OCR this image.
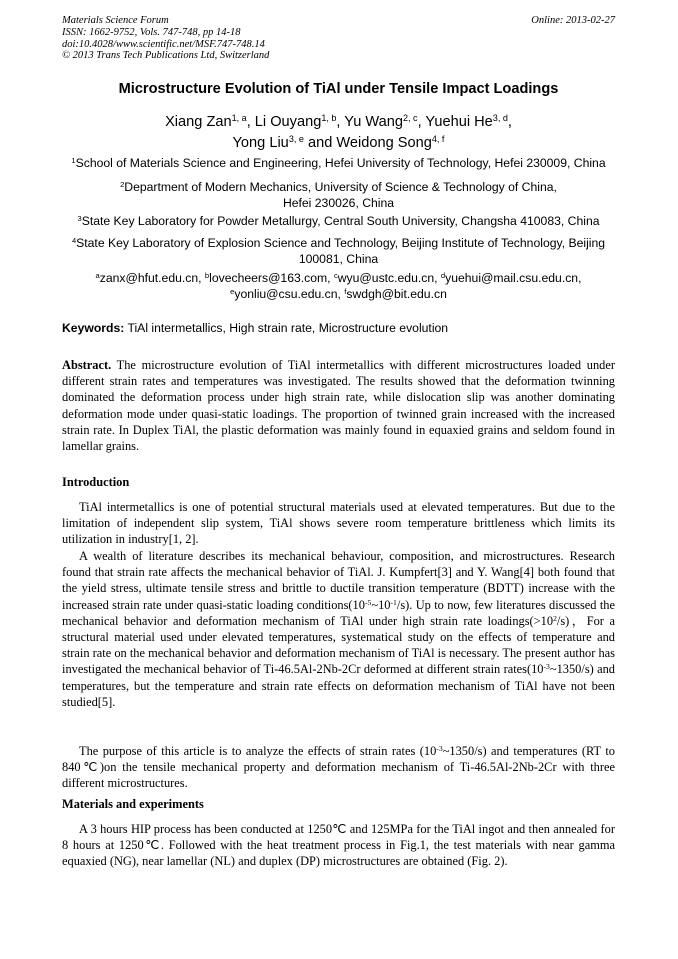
Materials Science Forum
ISSN: 1662-9752, Vols. 747-748, pp 14-18
doi:10.4028/www.scientific.net/MSF.747-748.14
© 2013 Trans Tech Publications Ltd, Switzerland
Online: 2013-02-27
Microstructure Evolution of TiAl under Tensile Impact Loadings
Xiang Zan$^{1, a}$, Li Ouyang$^{1, b}$, Yu Wang$^{2, c}$, Yuehui He$^{3, d}$,
Yong Liu$^{3, e}$ and Weidong Song$^{4, f}$
$^1$School of Materials Science and Engineering, Hefei University of Technology, Hefei 230009, China
$^2$Department of Modern Mechanics, University of Science & Technology of China,
Hefei 230026, China
$^3$State Key Laboratory for Powder Metallurgy, Central South University, Changsha 410083, China
$^4$State Key Laboratory of Explosion Science and Technology, Beijing Institute of Technology, Beijing
100081, China
$^a$zanx@hfut.edu.cn, $^b$lovecheers@163.com, $^c$wyu@ustc.edu.cn, $^d$yuehui@mail.csu.edu.cn,
$^e$yonliu@csu.edu.cn, $^f$swdgh@bit.edu.cn
Keywords: TiAl intermetallics, High strain rate, Microstructure evolution
Abstract. The microstructure evolution of TiAl intermetallics with different microstructures loaded under different strain rates and temperatures was investigated. The results showed that the deformation twinning dominated the deformation process under high strain rate, while dislocation slip was another dominating deformation mode under quasi-static loadings. The proportion of twinned grain increased with the increased strain rate. In Duplex TiAl, the plastic deformation was mainly found in equaxied grains and seldom found in lamellar grains.
Introduction

TiAl intermetallics is one of potential structural materials used at elevated temperatures. But due to the limitation of independent slip system, TiAl shows severe room temperature brittleness which limits its utilization in industry[1, 2].

A wealth of literature describes its mechanical behaviour, composition, and microstructures. Research found that strain rate affects the mechanical behavior of TiAl. J. Kumpfert[3] and Y. Wang[4] both found that the yield stress, ultimate tensile stress and brittle to ductile transition temperature (BDTT) increase with the increased strain rate under quasi-static loading $conditions(10^{-5}\sim 10^{-1}/s)$. Up to now, few literatures discussed the mechanical behavior and deformation mechanism of TiAl under high strain rate $loadings(>10^2/s)$，For a structural material used under elevated temperatures, systematical study on the effects of temperature and strain rate on the mechanical behavior and deformation mechanism of TiAl is necessary. The present author has investigated the mechanical behavior of Ti-46.5Al-2Nb-2Cr deformed at different strain $rates(10^{-3}\sim 1350/s)$ and temperatures, but the temperature and strain rate effects on deformation mechanism of TiAl have not been studied[5].

The purpose of this article is to analyze the effects of strain rates $(10^{-3}\sim 1350/s)$ and temperatures (RT to 840℃)on the tensile mechanical property and deformation mechanism of Ti-46.5Al-2Nb-2Cr with three different microstructures.

Materials and experiments

A 3 hours HIP process has been conducted at 1250℃ and 125MPa for the TiAl ingot and then annealed for 8 hours at 1250℃. Followed with the heat treatment process in Fig.1, the test materials with near gamma equaxied (NG), near lamellar (NL) and duplex (DP) microstructures are obtained (Fig. 2).
